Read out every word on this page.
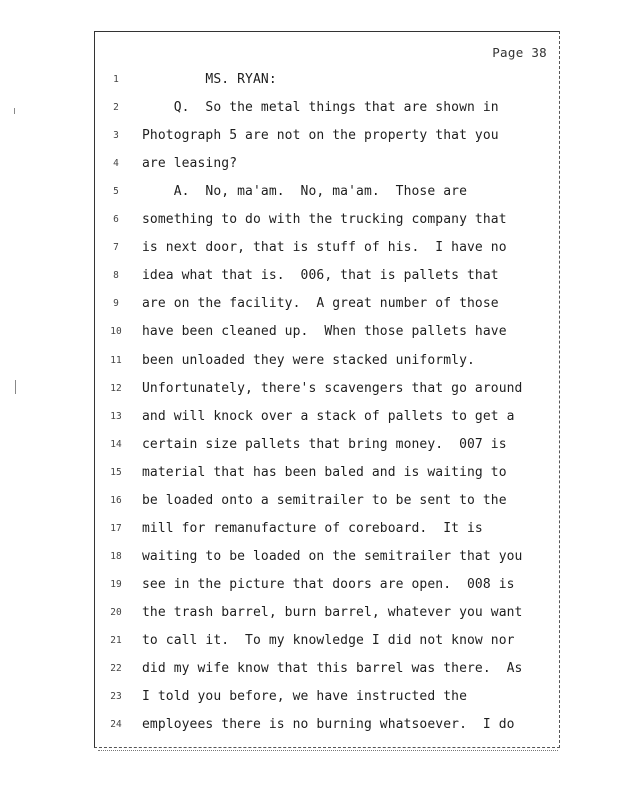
Page 38
1	MS. RYAN:
2	Q.  So the metal things that are shown in
3	Photograph 5 are not on the property that you
4	are leasing?
5	A.  No, ma'am.  No, ma'am.  Those are
6	something to do with the trucking company that
7	is next door, that is stuff of his.  I have no
8	idea what that is.  006, that is pallets that
9	are on the facility.  A great number of those
10	have been cleaned up.  When those pallets have
11	been unloaded they were stacked uniformly.
12	Unfortunately, there's scavengers that go around
13	and will knock over a stack of pallets to get a
14	certain size pallets that bring money.  007 is
15	material that has been baled and is waiting to
16	be loaded onto a semitrailer to be sent to the
17	mill for remanufacture of coreboard.  It is
18	waiting to be loaded on the semitrailer that you
19	see in the picture that doors are open.  008 is
20	the trash barrel, burn barrel, whatever you want
21	to call it.  To my knowledge I did not know nor
22	did my wife know that this barrel was there.  As
23	I told you before, we have instructed the
24	employees there is no burning whatsoever.  I do
